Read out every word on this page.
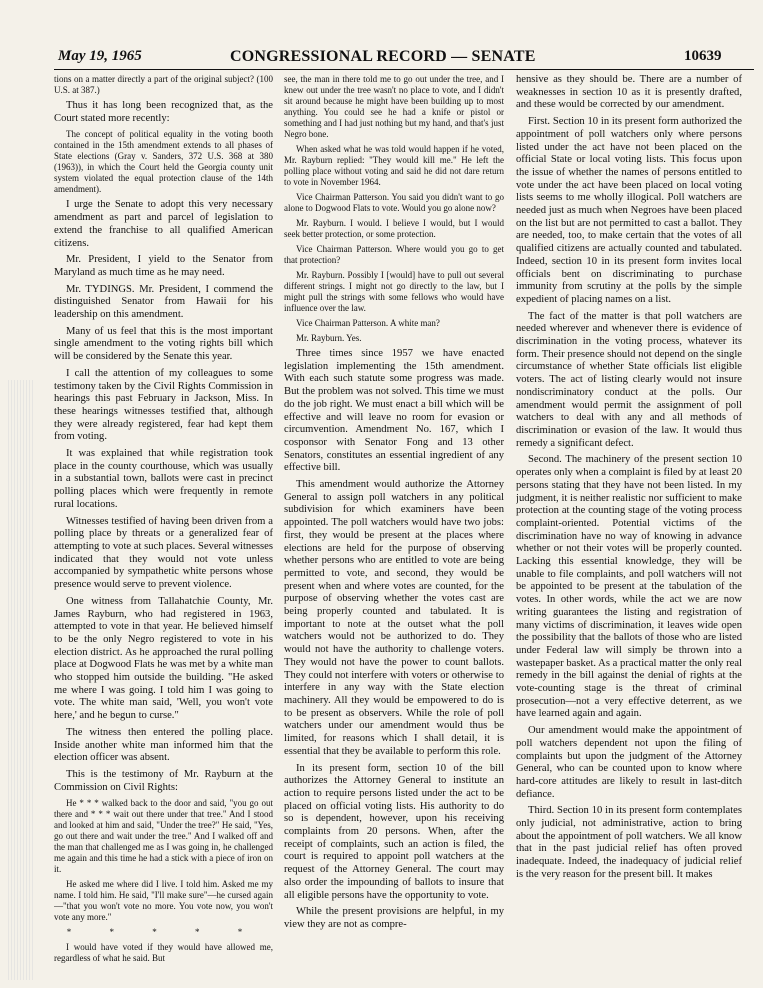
May 19, 1965	CONGRESSIONAL RECORD — SENATE	10639

tions on a matter directly a part of the original subject? (100 U.S. at 387.)

Thus it has long been recognized that, as the Court stated more recently:

The concept of political equality in the voting booth contained in the 15th amendment extends to all phases of State elections (Gray v. Sanders, 372 U.S. 368 at 380 (1963)), in which the Court held the Georgia county unit system violated the equal protection clause of the 14th amendment).

I urge the Senate to adopt this very necessary amendment as part and parcel of legislation to extend the franchise to all qualified American citizens.

Mr. President, I yield to the Senator from Maryland as much time as he may need.

Mr. TYDINGS. Mr. President, I commend the distinguished Senator from Hawaii for his leadership on this amendment.

Many of us feel that this is the most important single amendment to the voting rights bill which will be considered by the Senate this year.

I call the attention of my colleagues to some testimony taken by the Civil Rights Commission in hearings this past February in Jackson, Miss. In these hearings witnesses testified that, although they were already registered, fear had kept them from voting.

It was explained that while registration took place in the county courthouse, which was usually in a substantial town, ballots were cast in precinct polling places which were frequently in remote rural locations.

Witnesses testified of having been driven from a polling place by threats or a generalized fear of attempting to vote at such places. Several witnesses indicated that they would not vote unless accompanied by sympathetic white persons whose presence would serve to prevent violence.

One witness from Tallahatchie County, Mr. James Rayburn, who had registered in 1963, attempted to vote in that year. He believed himself to be the only Negro registered to vote in his election district. As he approached the rural polling place at Dogwood Flats he was met by a white man who stopped him outside the building. "He asked me where I was going. I told him I was going to vote. The white man said, 'Well, you won't vote here,' and he begun to curse."

The witness then entered the polling place. Inside another white man informed him that the election officer was absent.

This is the testimony of Mr. Rayburn at the Commission on Civil Rights:

He * * * walked back to the door and said, "you go out there and * * * wait out there under that tree." And I stood and looked at him and said, "Under the tree?" He said, "Yes, go out there and wait under the tree." And I walked off and the man that challenged me as I was going in, he challenged me again and this time he had a stick with a piece of iron on it.

He asked me where did I live. I told him. Asked me my name. I told him. He said, "I'll make sure"—he cursed again—"that you won't vote no more. You vote now, you won't vote any more."

* * * * *

I would have voted if they would have allowed me, regardless of what he said. But

see, the man in there told me to go out under the tree, and I knew out under the tree wasn't no place to vote, and I didn't sit around because he might have been building up to most anything. You could see he had a knife or pistol or something and I had just nothing but my hand, and that's just Negro bone.

When asked what he was told would happen if he voted, Mr. Rayburn replied: "They would kill me." He left the polling place without voting and said he did not dare return to vote in November 1964.

Vice Chairman Patterson. You said you didn't want to go alone to Dogwood Flats to vote. Would you go alone now?

Mr. Rayburn. I would. I believe I would, but I would seek better protection, or some protection.

Vice Chairman Patterson. Where would you go to get that protection?

Mr. Rayburn. Possibly I [would] have to pull out several different strings. I might not go directly to the law, but I might pull the strings with some fellows who would have influence over the law.

Vice Chairman Patterson. A white man?

Mr. Rayburn. Yes.

Three times since 1957 we have enacted legislation implementing the 15th amendment. With each such statute some progress was made. But the problem was not solved. This time we must do the job right. We must enact a bill which will be effective and will leave no room for evasion or circumvention. Amendment No. 167, which I cosponsor with Senator Fong and 13 other Senators, constitutes an essential ingredient of any effective bill.

This amendment would authorize the Attorney General to assign poll watchers in any political subdivision for which examiners have been appointed. The poll watchers would have two jobs: first, they would be present at the places where elections are held for the purpose of observing whether persons who are entitled to vote are being permitted to vote, and second, they would be present when and where votes are counted, for the purpose of observing whether the votes cast are being properly counted and tabulated. It is important to note at the outset what the poll watchers would not be authorized to do. They would not have the authority to challenge voters. They would not have the power to count ballots. They could not interfere with voters or otherwise to interfere in any way with the State election machinery. All they would be empowered to do is to be present as observers. While the role of poll watchers under our amendment would thus be limited, for reasons which I shall detail, it is essential that they be available to perform this role.

In its present form, section 10 of the bill authorizes the Attorney General to institute an action to require persons listed under the act to be placed on official voting lists. His authority to do so is dependent, however, upon his receiving complaints from 20 persons. When, after the receipt of complaints, such an action is filed, the court is required to appoint poll watchers at the request of the Attorney General. The court may also order the impounding of ballots to insure that all eligible persons have the opportunity to vote.

While the present provisions are helpful, in my view they are not as compre-

hensive as they should be. There are a number of weaknesses in section 10 as it is presently drafted, and these would be corrected by our amendment.

First. Section 10 in its present form authorized the appointment of poll watchers only where persons listed under the act have not been placed on the official State or local voting lists. This focus upon the issue of whether the names of persons entitled to vote under the act have been placed on local voting lists seems to me wholly illogical. Poll watchers are needed just as much when Negroes have been placed on the list but are not permitted to cast a ballot. They are needed, too, to make certain that the votes of all qualified citizens are actually counted and tabulated. Indeed, section 10 in its present form invites local officials bent on discriminating to purchase immunity from scrutiny at the polls by the simple expedient of placing names on a list.

The fact of the matter is that poll watchers are needed wherever and whenever there is evidence of discrimination in the voting process, whatever its form. Their presence should not depend on the single circumstance of whether State officials list eligible voters. The act of listing clearly would not insure nondiscriminatory conduct at the polls. Our amendment would permit the assignment of poll watchers to deal with any and all methods of discrimination or evasion of the law. It would thus remedy a significant defect.

Second. The machinery of the present section 10 operates only when a complaint is filed by at least 20 persons stating that they have not been listed. In my judgment, it is neither realistic nor sufficient to make protection at the counting stage of the voting process complaint-oriented. Potential victims of the discrimination have no way of knowing in advance whether or not their votes will be properly counted. Lacking this essential knowledge, they will be unable to file complaints, and poll watchers will not be appointed to be present at the tabulation of the votes. In other words, while the act we are now writing guarantees the listing and registration of many victims of discrimination, it leaves wide open the possibility that the ballots of those who are listed under Federal law will simply be thrown into a wastepaper basket. As a practical matter the only real remedy in the bill against the denial of rights at the vote-counting stage is the threat of criminal prosecution—not a very effective deterrent, as we have learned again and again.

Our amendment would make the appointment of poll watchers dependent not upon the filing of complaints but upon the judgment of the Attorney General, who can be counted upon to know where hard-core attitudes are likely to result in last-ditch defiance.

Third. Section 10 in its present form contemplates only judicial, not administrative, action to bring about the appointment of poll watchers. We all know that in the past judicial relief has often proved inadequate. Indeed, the inadequacy of judicial relief is the very reason for the present bill. It makes
